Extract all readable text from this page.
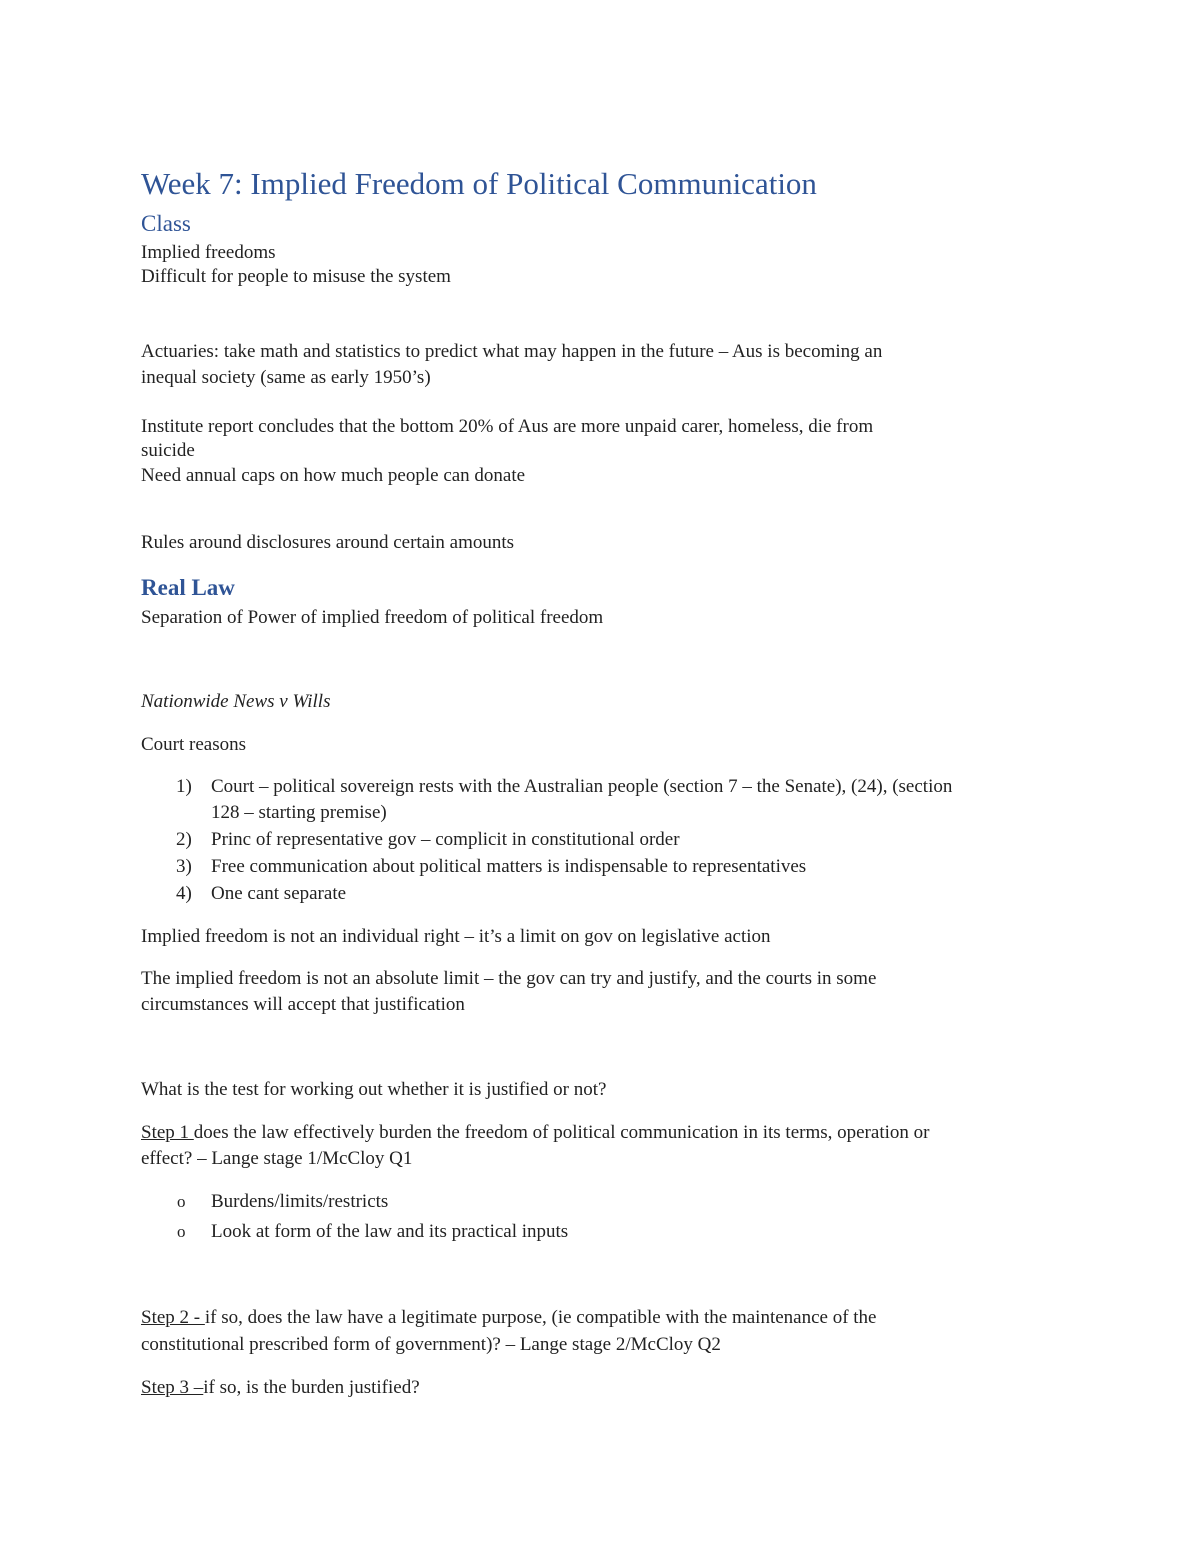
Week 7: Implied Freedom of Political Communication
Class

Implied freedoms

Difficult for people to misuse the system

Actuaries: take math and statistics to predict what may happen in the future – Aus is becoming an

inequal society (same as early 1950’s)

Institute report concludes that the bottom 20% of Aus are more unpaid carer, homeless, die from

suicide

Need annual caps on how much people can donate

Rules around disclosures around certain amounts

Real Law

Separation of Power of implied freedom of political freedom

Nationwide News v Wills

Court reasons

1) Court – political sovereign rests with the Australian people (section 7 – the Senate), (24), (section
128 – starting premise)
2) Princ of representative gov – complicit in constitutional order
3) Free communication about political matters is indispensable to representatives
4) One cant separate

Implied freedom is not an individual right – it’s a limit on gov on legislative action

The implied freedom is not an absolute limit – the gov can try and justify, and the courts in some

circumstances will accept that justification

What is the test for working out whether it is justified or not?

Step 1 does the law effectively burden the freedom of political communication in its terms, operation or

effect? – Lange stage 1/McCloy Q1

o Burdens/limits/restricts
o Look at form of the law and its practical inputs

Step 2 - if so, does the law have a legitimate purpose, (ie compatible with the maintenance of the

constitutional prescribed form of government)? – Lange stage 2/McCloy Q2

Step 3 –if so, is the burden justified?
